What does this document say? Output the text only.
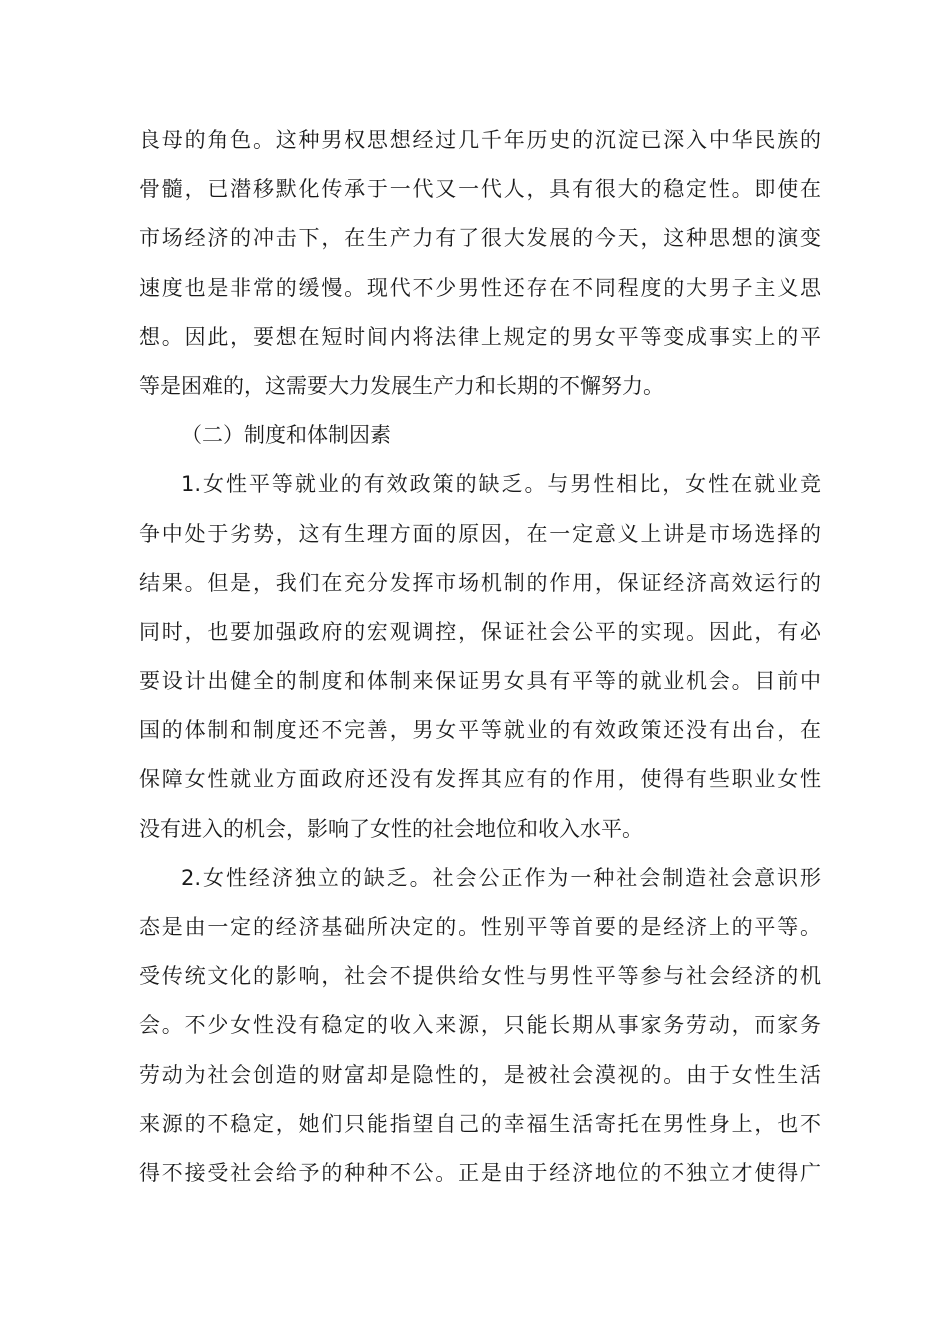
良母的角色。这种男权思想经过几千年历史的沉淀已深入中华民族的
骨髓，已潜移默化传承于一代又一代人，具有很大的稳定性。即使在
市场经济的冲击下，在生产力有了很大发展的今天，这种思想的演变
速度也是非常的缓慢。现代不少男性还存在不同程度的大男子主义思
想。因此，要想在短时间内将法律上规定的男女平等变成事实上的平
等是困难的，这需要大力发展生产力和长期的不懈努力。
（二）制度和体制因素
1.女性平等就业的有效政策的缺乏。与男性相比，女性在就业竞
争中处于劣势，这有生理方面的原因，在一定意义上讲是市场选择的
结果。但是，我们在充分发挥市场机制的作用，保证经济高效运行的
同时，也要加强政府的宏观调控，保证社会公平的实现。因此，有必
要设计出健全的制度和体制来保证男女具有平等的就业机会。目前中
国的体制和制度还不完善，男女平等就业的有效政策还没有出台，在
保障女性就业方面政府还没有发挥其应有的作用，使得有些职业女性
没有进入的机会，影响了女性的社会地位和收入水平。
2.女性经济独立的缺乏。社会公正作为一种社会制造社会意识形
态是由一定的经济基础所决定的。性别平等首要的是经济上的平等。
受传统文化的影响，社会不提供给女性与男性平等参与社会经济的机
会。不少女性没有稳定的收入来源，只能长期从事家务劳动，而家务
劳动为社会创造的财富却是隐性的，是被社会漠视的。由于女性生活
来源的不稳定，她们只能指望自己的幸福生活寄托在男性身上，也不
得不接受社会给予的种种不公。正是由于经济地位的不独立才使得广
